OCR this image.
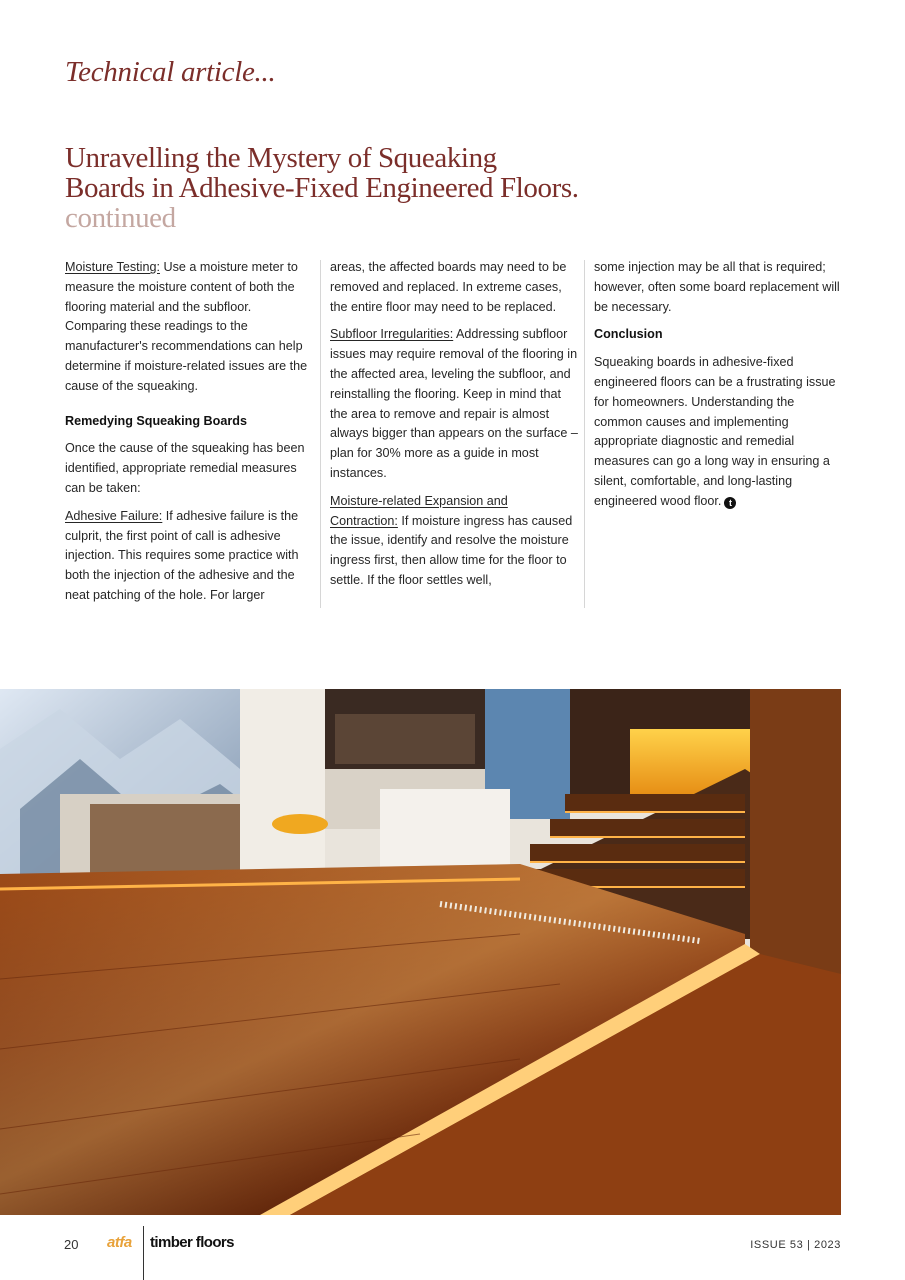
Technical article...
Unravelling the Mystery of Squeaking
Boards in Adhesive-Fixed Engineered Floors.
continued

Moisture Testing: Use a moisture meter to measure the moisture content of both the flooring material and the subfloor. Comparing these readings to the manufacturer's recommendations can help determine if moisture-related issues are the cause of the squeaking.

Remedying Squeaking Boards

Once the cause of the squeaking has been identified, appropriate remedial measures can be taken:

Adhesive Failure: If adhesive failure is the culprit, the first point of call is adhesive injection. This requires some practice with both the injection of the adhesive and the neat patching of the hole. For larger

areas, the affected boards may need to be removed and replaced. In extreme cases, the entire floor may need to be replaced.

Subfloor Irregularities: Addressing subfloor issues may require removal of the flooring in the affected area, leveling the subfloor, and reinstalling the flooring. Keep in mind that the area to remove and repair is almost always bigger than appears on the surface – plan for 30% more as a guide in most instances.

Moisture-related Expansion and Contraction: If moisture ingress has caused the issue, identify and resolve the moisture ingress first, then allow time for the floor to settle. If the floor settles well,

some injection may be all that is required; however, often some board replacement will be necessary.

Conclusion

Squeaking boards in adhesive-fixed engineered floors can be a frustrating issue for homeowners. Understanding the common causes and implementing appropriate diagnostic and remedial measures can go a long way in ensuring a silent, comfortable, and long-lasting engineered wood floor. t

20 atfa timber floors	ISSUE 53 | 2023
